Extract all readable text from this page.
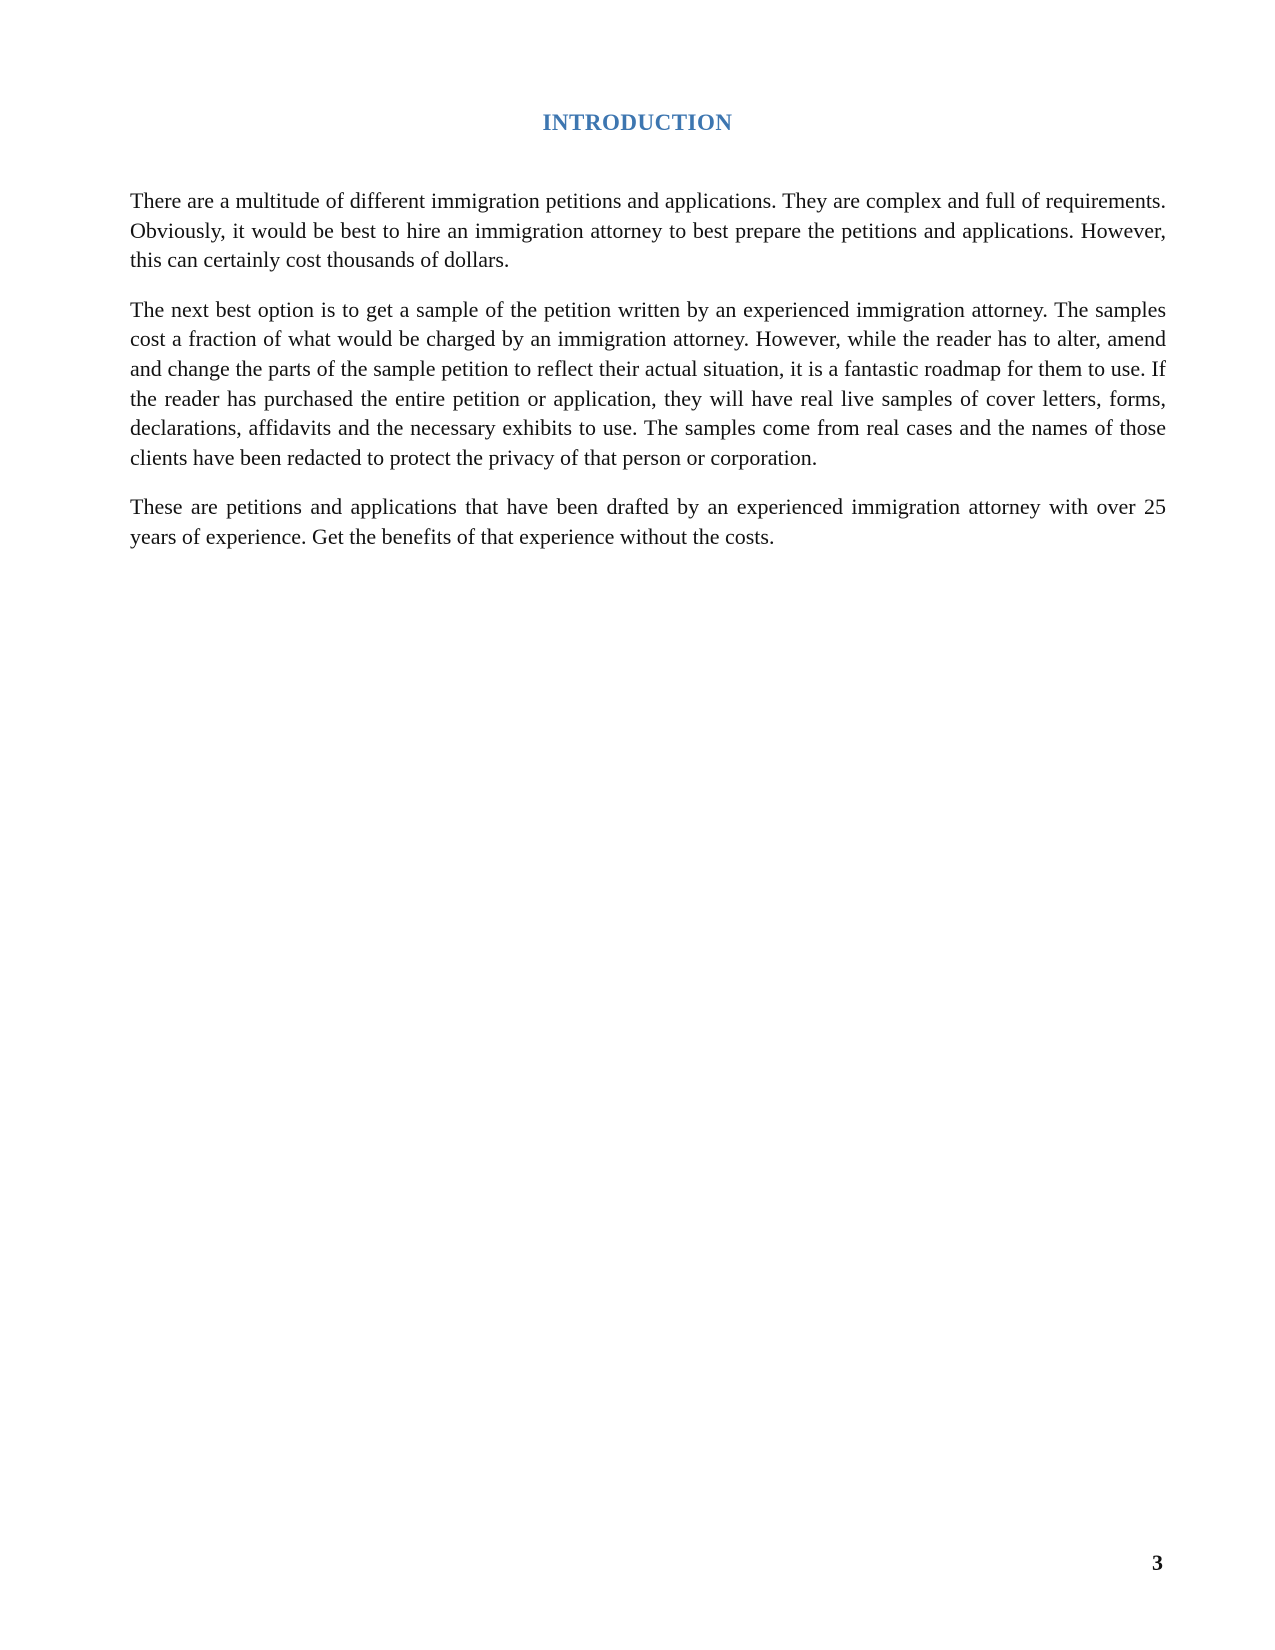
INTRODUCTION

There are a multitude of different immigration petitions and applications. They are complex and full of requirements. Obviously, it would be best to hire an immigration attorney to best prepare the petitions and applications. However, this can certainly cost thousands of dollars.

The next best option is to get a sample of the petition written by an experienced immigration attorney. The samples cost a fraction of what would be charged by an immigration attorney. However, while the reader has to alter, amend and change the parts of the sample petition to reflect their actual situation, it is a fantastic roadmap for them to use. If the reader has purchased the entire petition or application, they will have real live samples of cover letters, forms, declarations, affidavits and the necessary exhibits to use. The samples come from real cases and the names of those clients have been redacted to protect the privacy of that person or corporation.

These are petitions and applications that have been drafted by an experienced immigration attorney with over 25 years of experience. Get the benefits of that experience without the costs.

3
